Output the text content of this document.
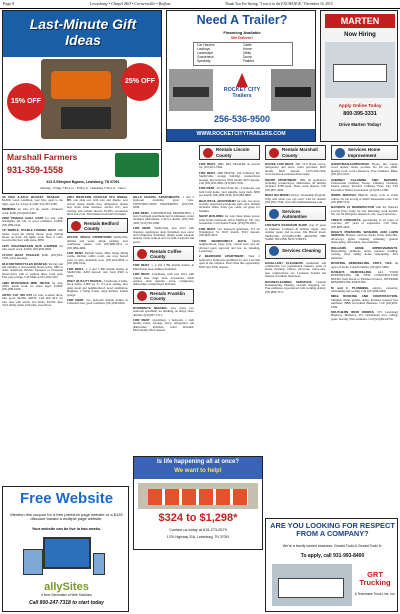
Page 8	Lewisburg • Chapel Hill • Cornersville • Belfast	Thank You For Saying, "I saw it in the EXCHANGE," December 16, 2015
Last-Minute Gift Ideas
15% OFF
25% OFF
Marshall Farmers
931-359-1558
613 S.Ellington Bypass, Lewisburg, TN 37091
Monday - Friday 7:30 a.m. - 5:00 p.m. • Saturday 7:30 a.m. - Noon
Need A Trailer?
Financing Available
We Deliver!
Car Haulers	Cattle
Lowboys	Horse
Landscape	Utility
Gooseneck	Dump
Specialty	Flatbed
ROCKET CITY Trailers
256-536-9500
WWW.ROCKETCITYTRAILERS.COM
MARTEN
Now Hiring
Apply Online Today
800-395-3331
Drive Marten Today!

3X RED 3-AXLE BUCKET TRAILER . $2,000. Good condition, year first, open to the right, open for 3 days, $1,200. 931-205-4180.

MINIBIKE for sale. 6.5 hp, needs carburetor work. $200. (931)639-0400.

2008 YAMAHA GOLF CART for sale, with headlights, 48 volt, in good condition. $1,800. (931)389-6242.

16' SIMPLE, STABLE FISHING BOAT with trailer, wood fin rolling motor, good trolling motor on front. All lights work. New 9 volts. Good trailer tires with spare. $850.

1975 VOLKSWAGEN BUS CAMPER for sale, needs work. $1000. (931)639-0092.

17-OUT BOAT TRAILER, $200. (931)581-7293, leave message.

OLD MOTORCYCLES WANTED. We buy and sell running or non-running motorcycles, 1982 or older. American, British, Japanese or European motorcycles with or without titles. Cash paid. Fair, easy pickup. Call Mike at 615-260-7292.

1983 MITSUBISHI MINI TRUCK for sale, 4WD, needs work, no street legal. $1,800. (931)389-6100.

ARTIC CAT 300 ATV for sale, 4-wheel drive, runs good, $4,000. ARTIC CAT 400 ATV for sale, tires with winch, low hours, $3,500. Also 5x10 utility trailer with rails, wood floor.

2004 WESTERN COUGAR 5TH WHEEL RV, one slide out, with sofa and dinette, new swivel chairs, double door refrigerator, Queen bed, fresh foam mattress, ducted A/C, new awning, and outside shower. $5,995. Gooseneck hitch and 2 ton. Pull behind truck hitch included.

Rentals Bedford County

OFFICE SPACE DOWNTOWN Shelbyville, utilities and water, ample parking, near courthouse square. Call (931)680-0011 or (931)684-4996.

FOR RENT, Pulaski Street, 2BA, living dining rooms, kitchen, utility room, one acre, fenced yard, no pets. Available soon. (931)224-6009 or (931)389-9542.

FOR RENT, 1, 2 and 3 BR mobile homes in Shelbyville. $200 deposit, rent from $500 to $595.

ONLY QUALITY RENTAL, 3 bedroom, 2 baths, brick home, 2,000 sq. ft., 6.7-acre setting, nice quiet street and neighborhood, good ventilation. Brighton, 2 living rooms, large kitchen, double garage.

FOR RENT, two bedroom mobile homes in Cathedral area, good condition. (931)639-9060.

HILLS CHAPEL APARTMENTS, 1 and 2 bedroom available, great view. CONSTRUCTION PROPERTIES (931)728-1808.

FOR RENT, CONTINENTAL PROPERTIES, 1 and 2 bedroom apartments and townhouses, water included. Manchester. Call for details. (931)728-5495, (931)728-1808.

FOR RENT, Shelbyville, new 2015 with fireplace, appliances, deck, furnished, area, stove and refrigerator furnished, dining room, separate laundry room, walk-in and 1/2 bath, backyard and porch.

Rentals Coffee County

FOR RENT, 1, 2 and 3 BR mobile homes, in Manchester area, utilities furnished.

FOR RENT, Lynchburg, both new 2015 with central heat, large deck, downstairs, small outdoor deck upstairs, stove, refrigerator, dishwasher, washer/dryer included.

Rentals Franklin County

ROOMMATE NEEDED, very clean, two bedroom apartment, no drinking, no drugs, share utilities. (931)607-1313.

FOR RENT, Lynchburg, 1 bedroom, 1 bath mobile home, acreage, stove, refrigerator and dishwasher included, water included, $425/month, $325 deposit.

Rentals Lincoln County

FOR RENT, 2BD, 2BA TRAILER on private lot. (931)631-7964.

FOR RENT, 2BD HOUSE, 234 Cemetary Rd, Shelbyville, storage building, washer/dryer hookup, big backyard. $795 month. $675 deposit. Call (931)433-3965, (931)993-7036.

FOR RENT, 30 West Point Dr., 3 bedroom, one bath brick home, yard suitable, large deck, $895 per month. (931)484-2546, (931)484-8895.

BEAUTIFUL APARTMENT for rent, two story, recently renovated townhouse style, ALL utilities included. Water, trash, gas, cable, cut grass, for families.

SHOP BUILDING for rent, three phase power, paint booth, bathroom, office, Highway 130, very reasonable. Call Charlie Frank, (256)759-2891.

FOR RENT, two bedroom apartment, 513 W. Washington St. $525 month, $525 deposit. (931)993-4915.

TWO BEDROOM/1.5 BATH, family neighborhood, large yard, central heat and air, allowed upon approval and fee, no smoking, Lewisburg.

2 BEDROOM APARTMENT, Near 2 bedroom/1 bathroom apartment for rent. Last unit open in the complex. Don't miss this opportunity. $595 rent, $595 deposit.

Rentals Marshall County

HOUSE FOR RENT, 200 1/2% Hazel Grove, refrigerator and stove, water provided, $625 month, $625 deposit. 1-615-504-1929, www.facebook.com/shoolbale/realty.

SHORT APARTMENT, 1BR, all appliances including washer/dryer, dishwasher, all utilities included. $180/week. Three week deposit. Call (931)607-4090.

RENT NO MORE! Own it. Ownership Program. Why rent when you can own? Call for details! (931)581-7349, www.affordabletennessee.com.

Services Automotive

FOSTER'S RADIATOR SHOP, over 37 years in business. Collision & radiator repair, new radiator repair and re-cores. Jim Harold Road. Shelbyville. (931)684-5580. AROUND THE YARD. SECOND NEW STREET.

Services Cleaning

EXCELLENT CLEANERS, residential and commercial, two professional cleaners, years of house cleaning, offices, move-ins, move-outs, new constructions, etc. Licensed, bonded and insured. Excellent references.

HOUSECLEANING SERVICES. General housekeeping. Dusting, vacuum, mopping, etc. Free estimates, experienced with working elderly. (931)808-3371.

Services Home Improvement

HANDYMAN-CARPENTER. Floors, tile, carpet, wood repairs, decks, porches. No job too small. Quality work, local references. Free estimates. Mike, (931)312-9321.

CHIMNEY CLEANING AND REPAIRS. Professional Chimney Sweep. Chimney Cleaning, Inserts pulled, Prevents Chimney Fires. Dry Fire Preventive Shield. Guaranteed. (931)581-3180.

WORK WANTED: BRICK, block, rock or storm cellars. No job too big or small! Reasonable rates. Call (931)808-5133.

NATION'S #1 REINSPECTOR with the Nation's Lowest Price today for any inheriting work needed. We can fix fiberglass, sheetrock, tile, wood and more.

TREE'S CONCRETE, specializing in all types of concrete. 20+ years of experience. Call Dale, (931)993-4200.

DOLE'S PRESSURE WASHING AND LAWN SERVICE. Houses, concrete, decks, brick, sidewalks, driveways, gutter cleaning, trimming, general landscaping. Affordable, free estimates.

WILLIAMS HOME IMPROVEMENTS. Remodeling, additions, decks, pressure washing, roofing, vinyl siding, home remodeling. Free estimates.

ROOFING, REMODELING, VINYL, TILE, all types of decks. Custom builder. (931)451-3806.

DASHE'S REMODELING. ALL YOUR REMODELING OR NEW CONSTRUCTION NEEDS from Room to Finished Product, INTERIOR REMODELING PAINTING.

M and F PLUMBING, electric, carpentry, remodeling and roofing. Call (931)389-9000.

MIKE ROOFING AND CONSTRUCTION. Shingles, metal, gutters, decks, licensed, insured, free estimates. BBB Accredited Business. Call (931)639-1996.

SOUTHERN IRON WORKS, 575 Lewisburg Highway, Mulberry, TN. Ornamental iron, railing, gates, fencing. Free estimates. Call (931)993-9726.

Free Website
Mention this coupon for a free premium page website or a $125 discount toward a multiple page website.
Your website can be live in two weeks.
allySites
A New Generation of Web Solutions
Call 800-247-7318 to start today
Is life happening all at once?
We want to help!
$324 to $1,298*
Contact us today at 615-273-0579
1700 Highway 31A, Lewisburg, TN 37091
ARE YOU LOOKING FOR RESPECT FROM A COMPANY?
We're a family owned business. Gerald Todd & Gerald Todd Jr.
To apply, call 931-993-8400
GRT Trucking
A Tennessee Truck Line, Inc.
